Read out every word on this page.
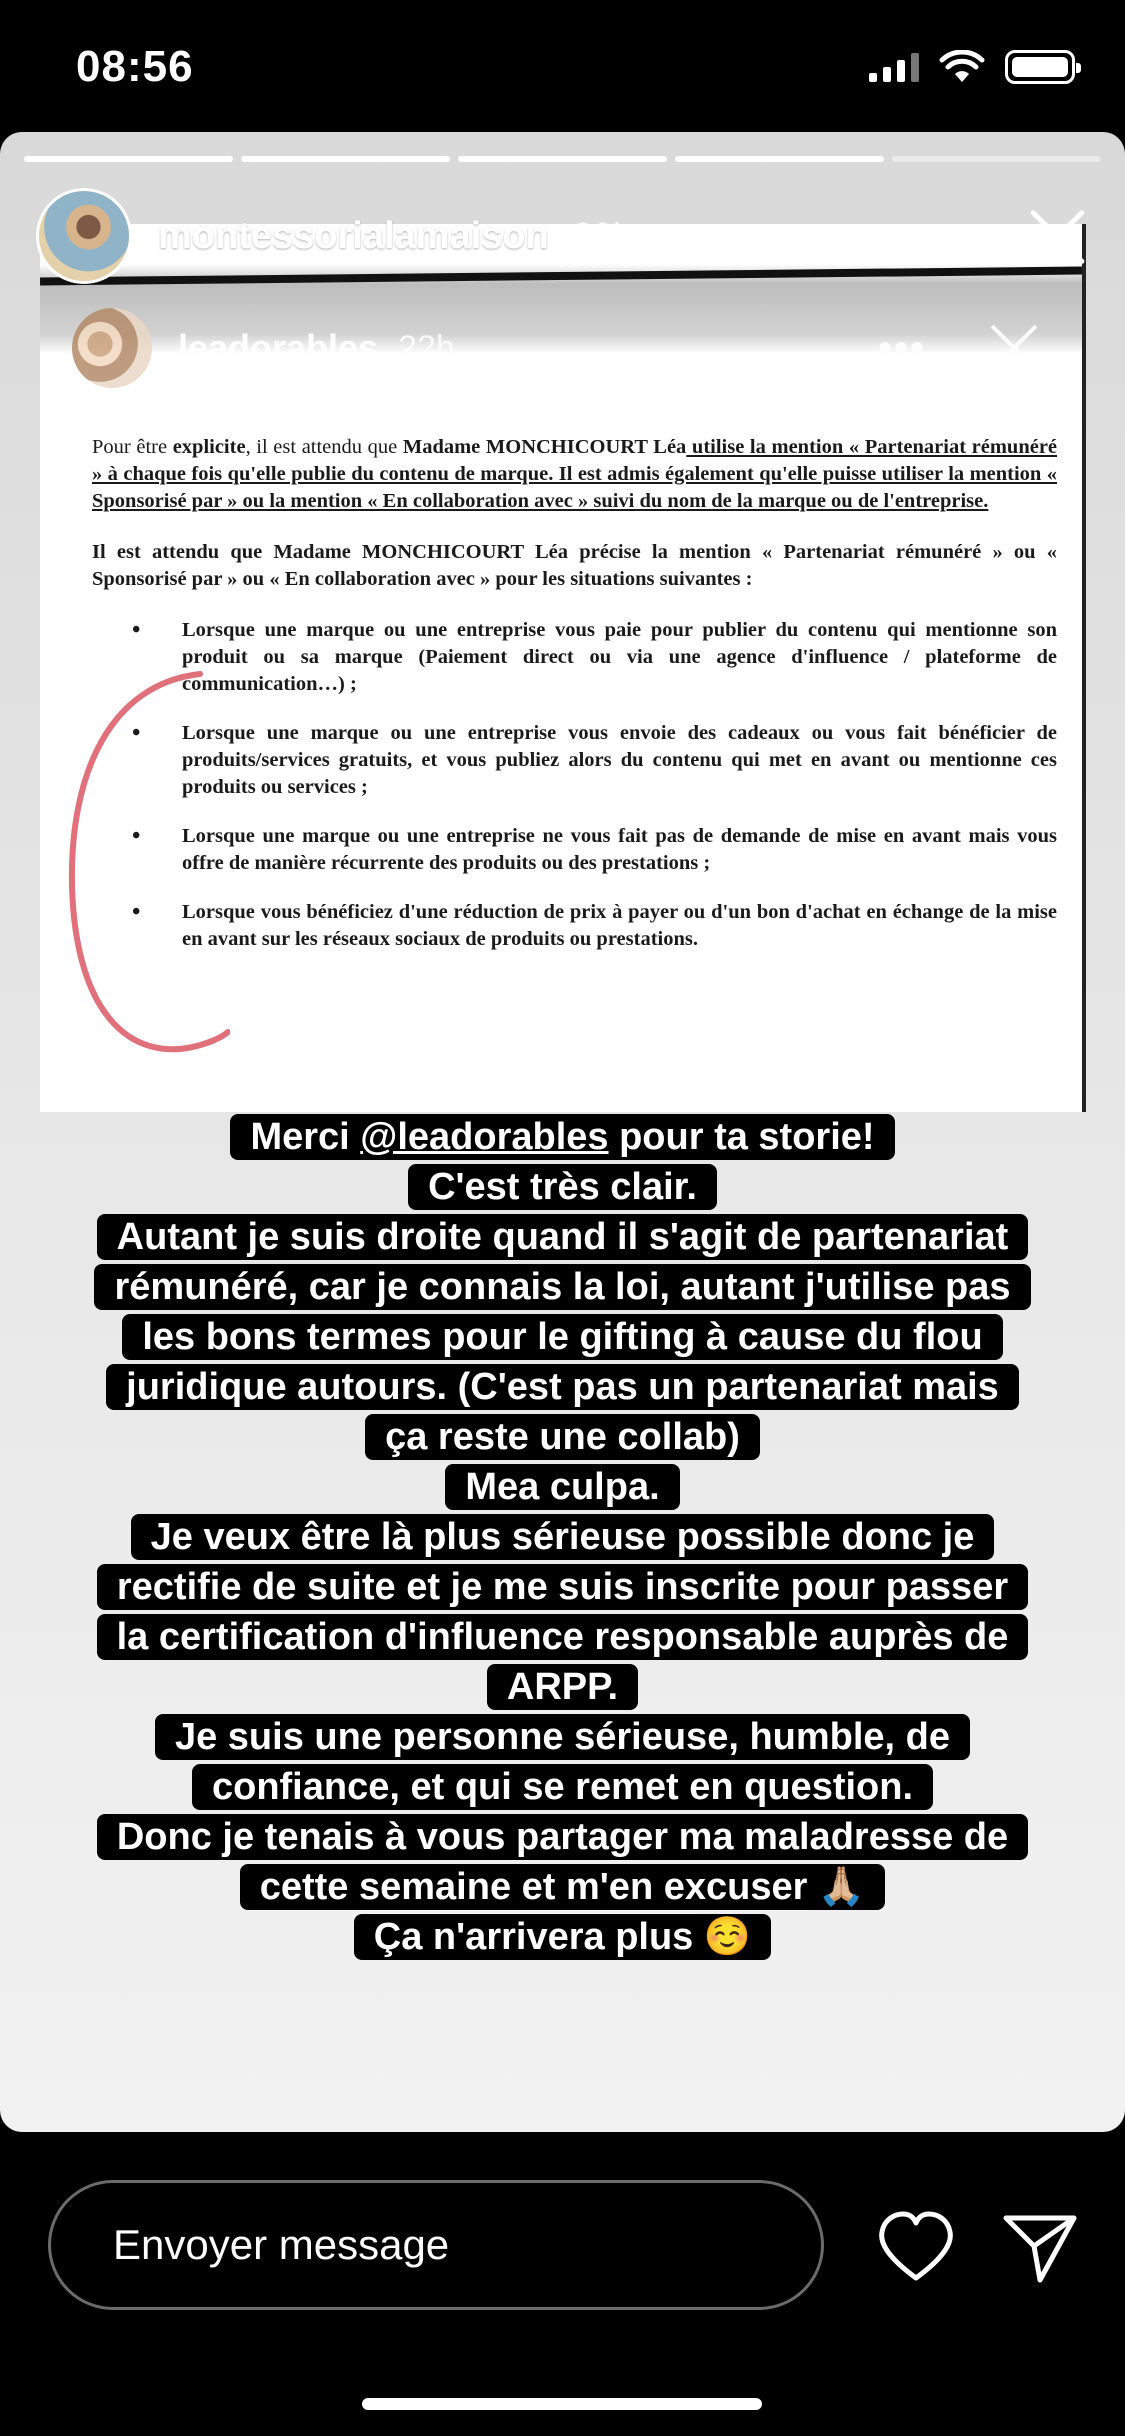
08:56
leadorables 22h	•••

Pour être explicite, il est attendu que Madame MONCHICOURT Léa utilise la mention « Partenariat rémunéré » à chaque fois qu'elle publie du contenu de marque. Il est admis également qu'elle puisse utiliser la mention « Sponsorisé par » ou la mention « En collaboration avec » suivi du nom de la marque ou de l'entreprise.

Il est attendu que Madame MONCHICOURT Léa précise la mention « Partenariat rémunéré » ou « Sponsorisé par » ou « En collaboration avec » pour les situations suivantes :

• Lorsque une marque ou une entreprise vous paie pour publier du contenu qui mentionne son produit ou sa marque (Paiement direct ou via une agence d'influence / plateforme de communication…) ;
• Lorsque une marque ou une entreprise vous envoie des cadeaux ou vous fait bénéficier de produits/services gratuits, et vous publiez alors du contenu qui met en avant ou mentionne ces produits ou services ;
• Lorsque une marque ou une entreprise ne vous fait pas de demande de mise en avant mais vous offre de manière récurrente des produits ou des prestations ;
• Lorsque vous bénéficiez d'une réduction de prix à payer ou d'un bon d'achat en échange de la mise en avant sur les réseaux sociaux de produits ou prestations.
montessorialamaison 20h	•••
Merci @leadorables pour ta storie!
C'est très clair.
Autant je suis droite quand il s'agit de partenariat
rémunéré, car je connais la loi, autant j'utilise pas
les bons termes pour le gifting à cause du flou
juridique autours. (C'est pas un partenariat mais
ça reste une collab)
Mea culpa.
Je veux être là plus sérieuse possible donc je
rectifie de suite et je me suis inscrite pour passer
la certification d'influence responsable auprès de
ARPP.
Je suis une personne sérieuse, humble, de
confiance, et qui se remet en question.
Donc je tenais à vous partager ma maladresse de
cette semaine et m'en excuser 🙏🏼
Ça n'arrivera plus ☺️
Envoyer message
